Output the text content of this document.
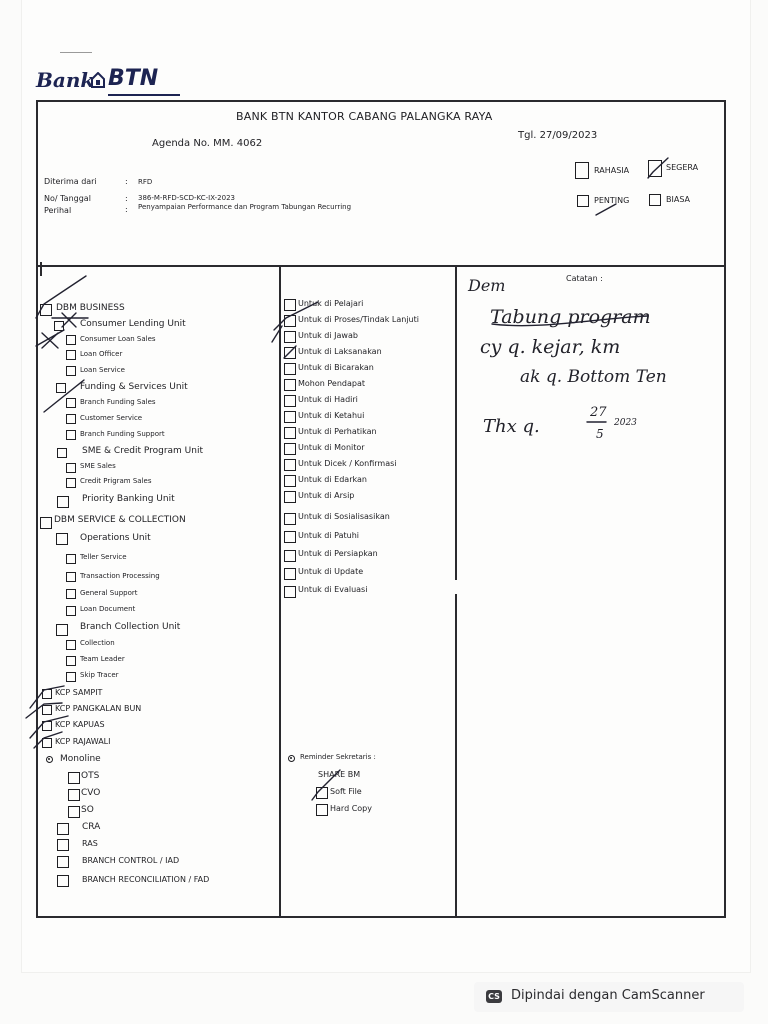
Bank BTN
BANK BTN KANTOR CABANG PALANGKA RAYA
Agenda No. MM. 4062
Tgl. 27/09/2023
Diterima dari	: RFD
No/ Tanggal	: 386-M-RFD-SCD-KC-IX-2023
Perihal	: Penyampaian Performance dan Program Tabungan Recurring
RAHASIA	SEGERA
PENTING	BIASA
DBM BUSINESS
Consumer Lending Unit
Consumer Loan Sales
Loan Officer
Loan Service
Funding & Services Unit
Branch Funding Sales
Customer Service
Branch Funding Support
SME & Credit Program Unit
SME Sales
Credit Prigram Sales
Priority Banking Unit
DBM SERVICE & COLLECTION
Operations Unit
Teller Service
Transaction Processing
General Support
Loan Document
Branch Collection Unit
Collection
Team Leader
Skip Tracer
KCP SAMPIT
KCP PANGKALAN BUN
KCP KAPUAS
KCP RAJAWALI
Monoline
OTS
CVO
SO
CRA
RAS
BRANCH CONTROL / IAD
BRANCH RECONCILIATION / FAD
Untuk di Pelajari
Untuk di Proses/Tindak Lanjuti
Untuk di Jawab
Untuk di Laksanakan
Untuk di Bicarakan
Mohon Pendapat
Untuk di Hadiri
Untuk di Ketahui
Untuk di Perhatikan
Untuk di Monitor
Untuk Dicek / Konfirmasi
Untuk di Edarkan
Untuk di Arsip
Untuk di Sosialisasikan
Untuk di Patuhi
Untuk di Persiapkan
Untuk di Update
Untuk di Evaluasi
Reminder Sekretaris :
SHARE BM
Soft File
Hard Copy
Catatan :
Dem
Tabung program
cy q. kejar, km
ak q. Bottom Ten
Thx q.
27
5
2023
CS Dipindai dengan CamScanner
